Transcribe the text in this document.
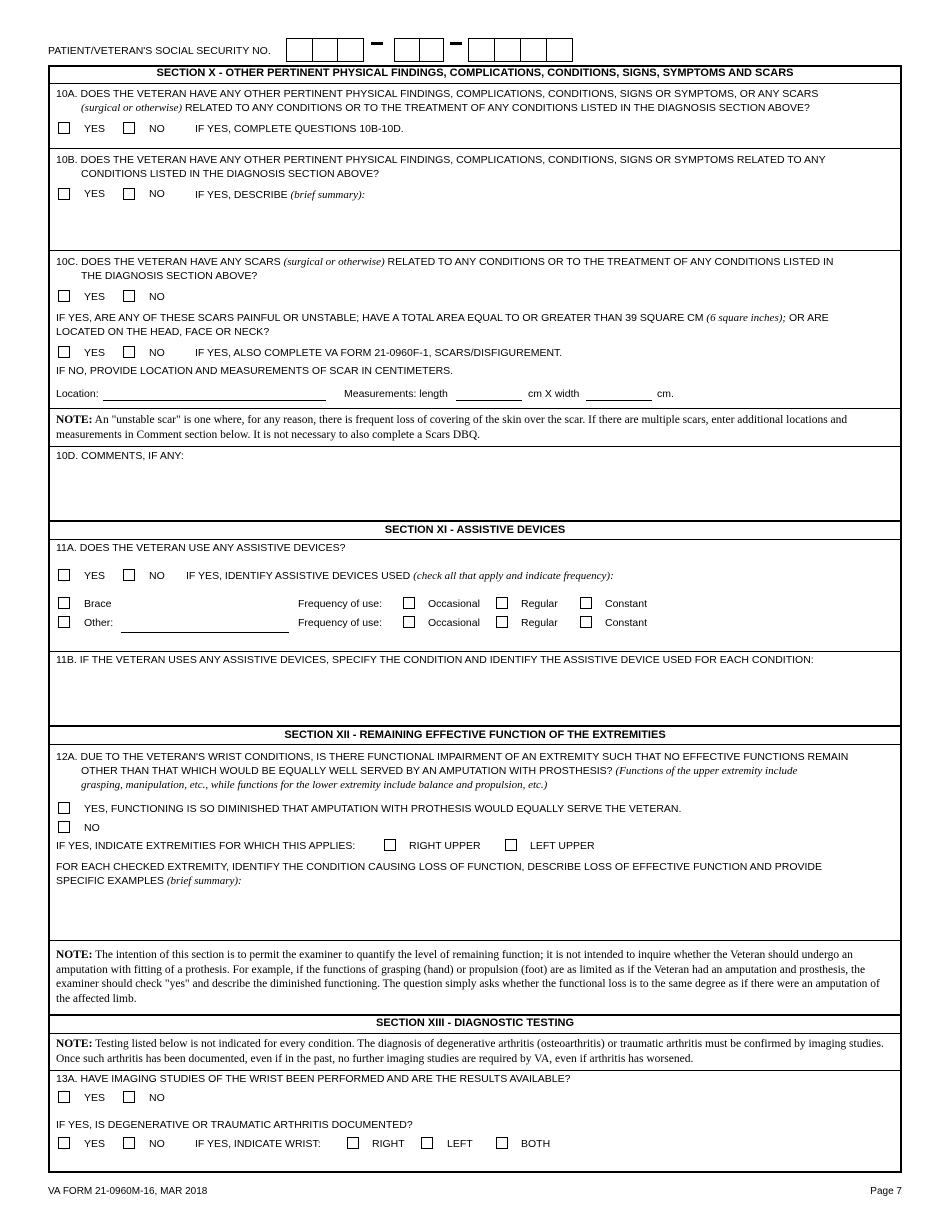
PATIENT/VETERAN'S SOCIAL SECURITY NO.
SECTION X - OTHER PERTINENT PHYSICAL FINDINGS, COMPLICATIONS, CONDITIONS, SIGNS, SYMPTOMS AND SCARS
10A. DOES THE VETERAN HAVE ANY OTHER PERTINENT PHYSICAL FINDINGS, COMPLICATIONS, CONDITIONS, SIGNS OR SYMPTOMS, OR ANY SCARS
(surgical or otherwise) RELATED TO ANY CONDITIONS OR TO THE TREATMENT OF ANY CONDITIONS LISTED IN THE DIAGNOSIS SECTION ABOVE?
YES	NO	IF YES, COMPLETE QUESTIONS 10B-10D.
10B. DOES THE VETERAN HAVE ANY OTHER PERTINENT PHYSICAL FINDINGS, COMPLICATIONS, CONDITIONS, SIGNS OR SYMPTOMS RELATED TO ANY
CONDITIONS LISTED IN THE DIAGNOSIS SECTION ABOVE?
YES	NO	IF YES, DESCRIBE (brief summary):
10C. DOES THE VETERAN HAVE ANY SCARS (surgical or otherwise) RELATED TO ANY CONDITIONS OR TO THE TREATMENT OF ANY CONDITIONS LISTED IN
THE DIAGNOSIS SECTION ABOVE?
YES	NO
IF YES, ARE ANY OF THESE SCARS PAINFUL OR UNSTABLE; HAVE A TOTAL AREA EQUAL TO OR GREATER THAN 39 SQUARE CM (6 square inches); OR ARE
LOCATED ON THE HEAD, FACE OR NECK?
YES	NO	IF YES, ALSO COMPLETE VA FORM 21-0960F-1, SCARS/DISFIGUREMENT.
IF NO, PROVIDE LOCATION AND MEASUREMENTS OF SCAR IN CENTIMETERS.
Location:	Measurements: length	cm X width	cm.
NOTE: An "unstable scar" is one where, for any reason, there is frequent loss of covering of the skin over the scar. If there are multiple scars, enter additional locations and measurements in Comment section below. It is not necessary to also complete a Scars DBQ.
10D. COMMENTS, IF ANY:
SECTION XI - ASSISTIVE DEVICES
11A. DOES THE VETERAN USE ANY ASSISTIVE DEVICES?
YES	NO IF YES, IDENTIFY ASSISTIVE DEVICES USED (check all that apply and indicate frequency):
Brace	Frequency of use:	Occasional	Regular	Constant
Other:	Frequency of use:	Occasional	Regular	Constant
11B. IF THE VETERAN USES ANY ASSISTIVE DEVICES, SPECIFY THE CONDITION AND IDENTIFY THE ASSISTIVE DEVICE USED FOR EACH CONDITION:
SECTION XII - REMAINING EFFECTIVE FUNCTION OF THE EXTREMITIES
12A. DUE TO THE VETERAN'S WRIST CONDITIONS, IS THERE FUNCTIONAL IMPAIRMENT OF AN EXTREMITY SUCH THAT NO EFFECTIVE FUNCTIONS REMAIN
OTHER THAN THAT WHICH WOULD BE EQUALLY WELL SERVED BY AN AMPUTATION WITH PROSTHESIS? (Functions of the upper extremity include
grasping, manipulation, etc., while functions for the lower extremity include balance and propulsion, etc.)
YES, FUNCTIONING IS SO DIMINISHED THAT AMPUTATION WITH PROTHESIS WOULD EQUALLY SERVE THE VETERAN.
NO
IF YES, INDICATE EXTREMITIES FOR WHICH THIS APPLIES:	RIGHT UPPER	LEFT UPPER
FOR EACH CHECKED EXTREMITY, IDENTIFY THE CONDITION CAUSING LOSS OF FUNCTION, DESCRIBE LOSS OF EFFECTIVE FUNCTION AND PROVIDE
SPECIFIC EXAMPLES (brief summary):
NOTE: The intention of this section is to permit the examiner to quantify the level of remaining function; it is not intended to inquire whether the Veteran should undergo an amputation with fitting of a prothesis. For example, if the functions of grasping (hand) or propulsion (foot) are as limited as if the Veteran had an amputation and prosthesis, the examiner should check "yes" and describe the diminished functioning. The question simply asks whether the functional loss is to the same degree as if there were an amputation of the affected limb.
SECTION XIII - DIAGNOSTIC TESTING
NOTE: Testing listed below is not indicated for every condition. The diagnosis of degenerative arthritis (osteoarthritis) or traumatic arthritis must be confirmed by imaging studies. Once such arthritis has been documented, even if in the past, no further imaging studies are required by VA, even if arthritis has worsened.
13A. HAVE IMAGING STUDIES OF THE WRIST BEEN PERFORMED AND ARE THE RESULTS AVAILABLE?
YES	NO
IF YES, IS DEGENERATIVE OR TRAUMATIC ARTHRITIS DOCUMENTED?
YES	NO	IF YES, INDICATE WRIST:	RIGHT	LEFT	BOTH
VA FORM 21-0960M-16, MAR 2018	Page 7
